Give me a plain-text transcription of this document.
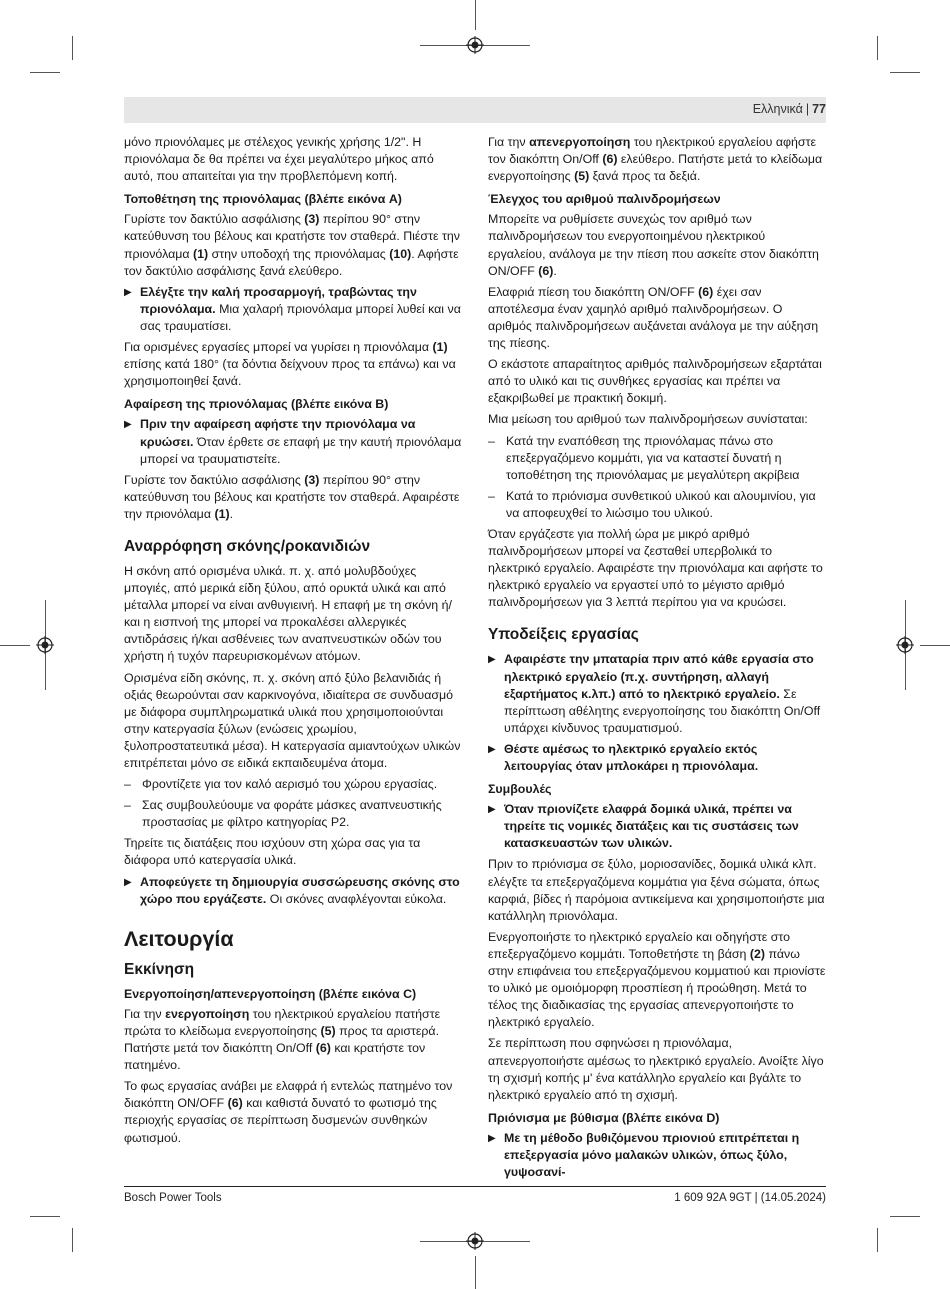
Ελληνικά | 77

μόνο πριονόλαμες με στέλεχος γενικής χρήσης 1/2". Η πριονόλαμα δε θα πρέπει να έχει μεγαλύτερο μήκος από αυτό, που απαιτείται για την προβλεπόμενη κοπή.

Τοποθέτηση της πριονόλαμας (βλέπε εικόνα A)

Γυρίστε τον δακτύλιο ασφάλισης (3) περίπου 90° στην κατεύθυνση του βέλους και κρατήστε τον σταθερά. Πιέστε την πριονόλαμα (1) στην υποδοχή της πριονόλαμας (10). Αφήστε τον δακτύλιο ασφάλισης ξανά ελεύθερο.

▶ Ελέγξτε την καλή προσαρμογή, τραβώντας την πριονόλαμα. Μια χαλαρή πριονόλαμα μπορεί λυθεί και να σας τραυματίσει.

Για ορισμένες εργασίες μπορεί να γυρίσει η πριονόλαμα (1) επίσης κατά 180° (τα δόντια δείχνουν προς τα επάνω) και να χρησιμοποιηθεί ξανά.

Αφαίρεση της πριονόλαμας (βλέπε εικόνα B)
▶ Πριν την αφαίρεση αφήστε την πριονόλαμα να κρυώσει. Όταν έρθετε σε επαφή με την καυτή πριονόλαμα μπορεί να τραυματιστείτε.

Γυρίστε τον δακτύλιο ασφάλισης (3) περίπου 90° στην κατεύθυνση του βέλους και κρατήστε τον σταθερά. Αφαιρέστε την πριονόλαμα (1).

Αναρρόφηση σκόνης/ροκανιδιών

Η σκόνη από ορισμένα υλικά. π. χ. από μολυβδούχες μπογιές, από μερικά είδη ξύλου, από ορυκτά υλικά και από μέταλλα μπορεί να είναι ανθυγιεινή. Η επαφή με τη σκόνη ή/και η εισπνοή της μπορεί να προκαλέσει αλλεργικές αντιδράσεις ή/και ασθένειες των αναπνευστικών οδών του χρήστη ή τυχόν παρευρισκομένων ατόμων.

Ορισμένα είδη σκόνης, π. χ. σκόνη από ξύλο βελανιδιάς ή οξιάς θεωρούνται σαν καρκινογόνα, ιδιαίτερα σε συνδυασμό με διάφορα συμπληρωματικά υλικά που χρησιμοποιούνται στην κατεργασία ξύλων (ενώσεις χρωμίου, ξυλοπροστατευτικά μέσα). Η κατεργασία αμιαντούχων υλικών επιτρέπεται μόνο σε ειδικά εκπαιδευμένα άτομα.

– Φροντίζετε για τον καλό αερισμό του χώρου εργασίας.
– Σας συμβουλεύουμε να φοράτε μάσκες αναπνευστικής προστασίας με φίλτρο κατηγορίας P2.

Τηρείτε τις διατάξεις που ισχύουν στη χώρα σας για τα διάφορα υπό κατεργασία υλικά.

▶ Αποφεύγετε τη δημιουργία συσσώρευσης σκόνης στο χώρο που εργάζεστε. Οι σκόνες αναφλέγονται εύκολα.
Λειτουργία
Εκκίνηση
Ενεργοποίηση/απενεργοποίηση (βλέπε εικόνα C)

Για την ενεργοποίηση του ηλεκτρικού εργαλείου πατήστε πρώτα το κλείδωμα ενεργοποίησης (5) προς τα αριστερά. Πατήστε μετά τον διακόπτη On/Off (6) και κρατήστε τον πατημένο.

Το φως εργασίας ανάβει με ελαφρά ή εντελώς πατημένο τον διακόπτη ON/OFF (6) και καθιστά δυνατό το φωτισμό της περιοχής εργασίας σε περίπτωση δυσμενών συνθηκών φωτισμού.

Για την απενεργοποίηση του ηλεκτρικού εργαλείου αφήστε τον διακόπτη On/Off (6) ελεύθερο. Πατήστε μετά το κλείδωμα ενεργοποίησης (5) ξανά προς τα δεξιά.

Έλεγχος του αριθμού παλινδρομήσεων

Μπορείτε να ρυθμίσετε συνεχώς τον αριθμό των παλινδρομήσεων του ενεργοποιημένου ηλεκτρικού εργαλείου, ανάλογα με την πίεση που ασκείτε στον διακόπτη ON/OFF (6).

Ελαφριά πίεση του διακόπτη ON/OFF (6) έχει σαν αποτέλεσμα έναν χαμηλό αριθμό παλινδρομήσεων. Ο αριθμός παλινδρομήσεων αυξάνεται ανάλογα με την αύξηση της πίεσης.

Ο εκάστοτε απαραίτητος αριθμός παλινδρομήσεων εξαρτάται από το υλικό και τις συνθήκες εργασίας και πρέπει να εξακριβωθεί με πρακτική δοκιμή.

Μια μείωση του αριθμού των παλινδρομήσεων συνίσταται:

– Κατά την εναπόθεση της πριονόλαμας πάνω στο επεξεργαζόμενο κομμάτι, για να καταστεί δυνατή η τοποθέτηση της πριονόλαμας με μεγαλύτερη ακρίβεια
– Κατά το πριόνισμα συνθετικού υλικού και αλουμινίου, για να αποφευχθεί το λιώσιμο του υλικού.

Όταν εργάζεστε για πολλή ώρα με μικρό αριθμό παλινδρομήσεων μπορεί να ζεσταθεί υπερβολικά το ηλεκτρικό εργαλείο. Αφαιρέστε την πριονόλαμα και αφήστε το ηλεκτρικό εργαλείο να εργαστεί υπό το μέγιστο αριθμό παλινδρομήσεων για 3 λεπτά περίπου για να κρυώσει.

Υποδείξεις εργασίας
▶ Αφαιρέστε την μπαταρία πριν από κάθε εργασία στο ηλεκτρικό εργαλείο (π.χ. συντήρηση, αλλαγή εξαρτήματος κ.λπ.) από το ηλεκτρικό εργαλείο. Σε περίπτωση αθέλητης ενεργοποίησης του διακόπτη On/Off υπάρχει κίνδυνος τραυματισμού.
▶ Θέστε αμέσως το ηλεκτρικό εργαλείο εκτός λειτουργίας όταν μπλοκάρει η πριονόλαμα.
Συμβουλές
▶ Όταν πριονίζετε ελαφρά δομικά υλικά, πρέπει να τηρείτε τις νομικές διατάξεις και τις συστάσεις των κατασκευαστών των υλικών.

Πριν το πριόνισμα σε ξύλο, μοριοσανίδες, δομικά υλικά κλπ. ελέγξτε τα επεξεργαζόμενα κομμάτια για ξένα σώματα, όπως καρφιά, βίδες ή παρόμοια αντικείμενα και χρησιμοποιήστε μια κατάλληλη πριονόλαμα.

Ενεργοποιήστε το ηλεκτρικό εργαλείο και οδηγήστε στο επεξεργαζόμενο κομμάτι. Τοποθετήστε τη βάση (2) πάνω στην επιφάνεια του επεξεργαζόμενου κομματιού και πριονίστε το υλικό με ομοιόμορφη προσπίεση ή προώθηση. Μετά το τέλος της διαδικασίας της εργασίας απενεργοποιήστε το ηλεκτρικό εργαλείο.

Σε περίπτωση που σφηνώσει η πριονόλαμα, απενεργοποιήστε αμέσως το ηλεκτρικό εργαλείο. Ανοίξτε λίγο τη σχισμή κοπής μ' ένα κατάλληλο εργαλείο και βγάλτε το ηλεκτρικό εργαλείο από τη σχισμή.

Πριόνισμα με βύθισμα (βλέπε εικόνα D)
▶ Με τη μέθοδο βυθιζόμενου πριονιού επιτρέπεται η επεξεργασία μόνο μαλακών υλικών, όπως ξύλο, γυψοσανί-
Bosch Power Tools	1 609 92A 9GT | (14.05.2024)
